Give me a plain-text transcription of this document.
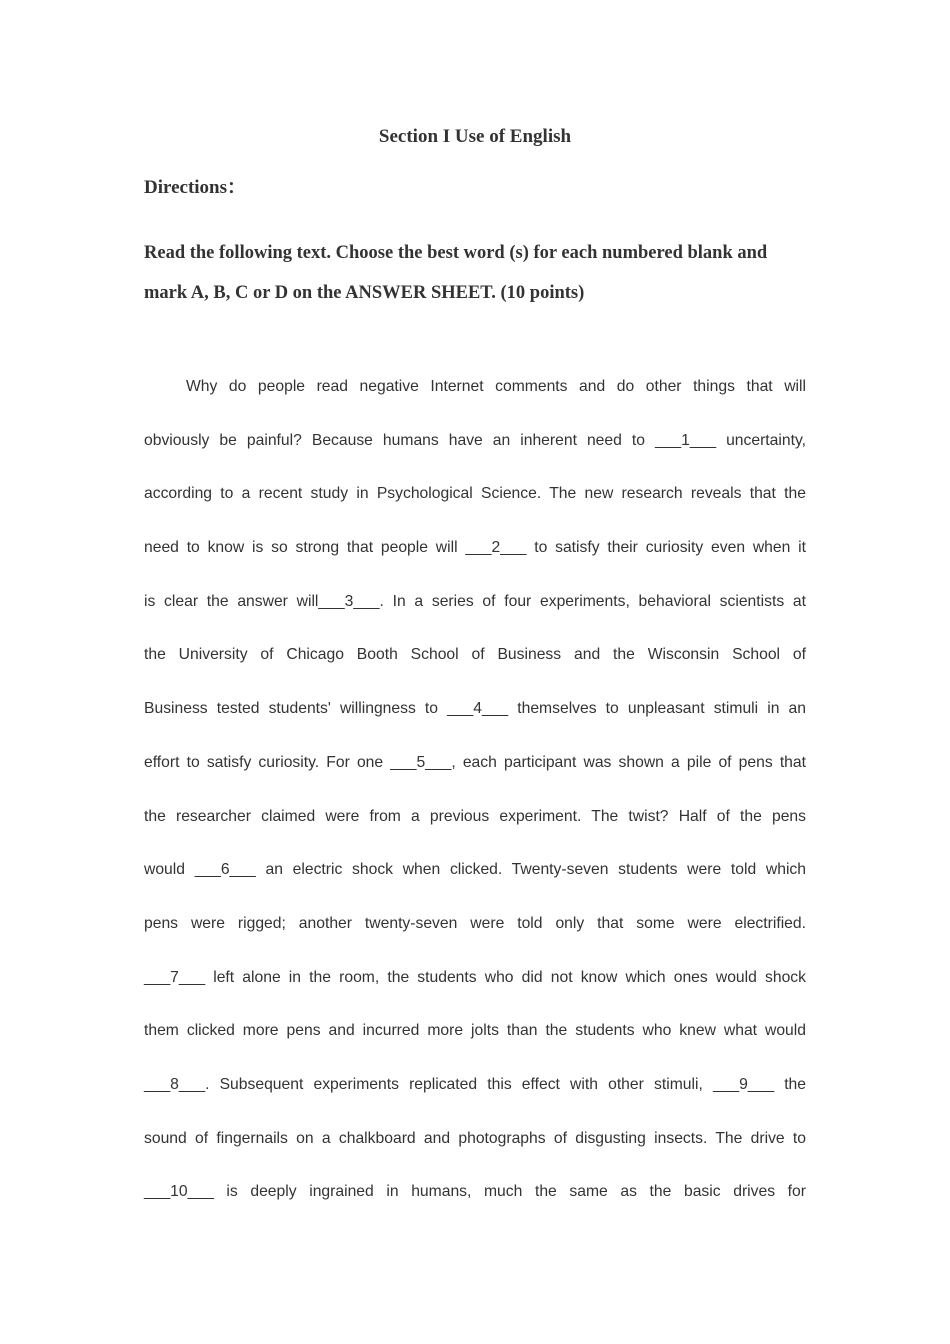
Section I Use of English
Directions：
Read the following text. Choose the best word (s) for each numbered blank and
mark A, B, C or D on the ANSWER SHEET. (10 points)
Why do people read negative Internet comments and do other things that will
obviously be painful? Because humans have an inherent need to ___1___ uncertainty,
according to a recent study in Psychological Science. The new research reveals that the
need to know is so strong that people will ___2___ to satisfy their curiosity even when it
is clear the answer will___3___. In a series of four experiments, behavioral scientists at
the University of Chicago Booth School of Business and the Wisconsin School of
Business tested students' willingness to ___4___ themselves to unpleasant stimuli in an
effort to satisfy curiosity. For one ___5___, each participant was shown a pile of pens that
the researcher claimed were from a previous experiment. The twist? Half of the pens
would ___6___ an electric shock when clicked. Twenty-seven students were told which
pens were rigged; another twenty-seven were told only that some were electrified.
___7___ left alone in the room, the students who did not know which ones would shock
them clicked more pens and incurred more jolts than the students who knew what would
___8___. Subsequent experiments replicated this effect with other stimuli, ___9___ the
sound of fingernails on a chalkboard and photographs of disgusting insects. The drive to
___10___ is deeply ingrained in humans, much the same as the basic drives for
